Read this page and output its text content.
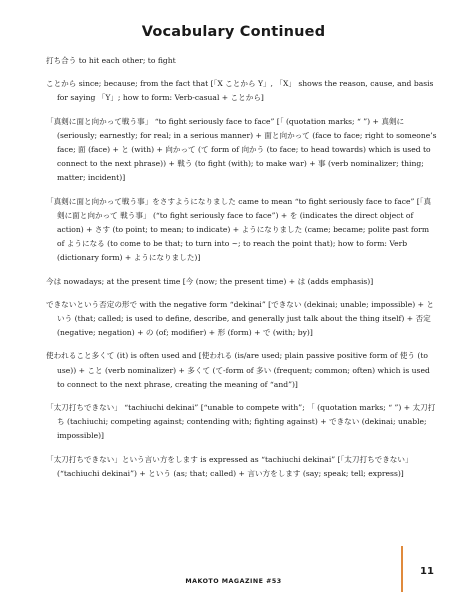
Vocabulary Continued

打ち合う to hit each other; to fight

ことから since; because; from the fact that [「X ことから Y」, 「X」 shows the reason, cause, and basis for saying 「Y」; how to form: Verb-casual + ことから]

「真剣に面と向かって戦う事」 “to fight seriously face to face” [「 (quotation marks; “ ”) + 真剣に (seriously; earnestly; for real; in a serious manner) + 面と向かって (face to face; right to someone’s face; 面 (face) + と (with) + 向かって (て form of 向かう (to face; to head towards) which is used to connect to the next phrase)) + 戦う (to fight (with); to make war) + 事 (verb nominalizer; thing; matter; incident)]

「真剣に面と向かって戦う事」をさすようになりました came to mean “to fight seriously face to face” [「真剣に面と向かって 戦う事」 (“to fight seriously face to face”) + を (indicates the direct object of action) + さす (to point; to mean; to indicate) + ようになりました (came; became; polite past form of ようになる (to come to be that; to turn into ~; to reach the point that); how to form: Verb (dictionary form) + ようになりました)]

今は nowadays; at the present time [今 (now; the present time) + は (adds emphasis)]

できないという否定の形で with the negative form “dekinai” [できない (dekinai; unable; impossible) + という (that; called; is used to define, describe, and generally just talk about the thing itself) + 否定 (negative; negation) + の (of; modifier) + 形 (form) + で (with; by)]

使われること多くて (it) is often used and [使われる (is/are used; plain passive positive form of 使う (to use)) + こと (verb nominalizer) + 多くて (て-form of 多い (frequent; common; often) which is used to connect to the next phrase, creating the meaning of “and”)]

「太刀打ちできない」 “tachiuchi dekinai” [“unable to compete with”; 「 (quotation marks; “ ”) + 太刀打ち (tachiuchi; competing against; contending with; fighting against) + できない (dekinai; unable; impossible)]

「太刀打ちできない」という言い方をします is expressed as “tachiuchi dekinai” [「太刀打ちできない」 (“tachiuchi dekinai”) + という (as; that; called) + 言い方をします (say; speak; tell; express)]

11
MAKOTO MAGAZINE #53
